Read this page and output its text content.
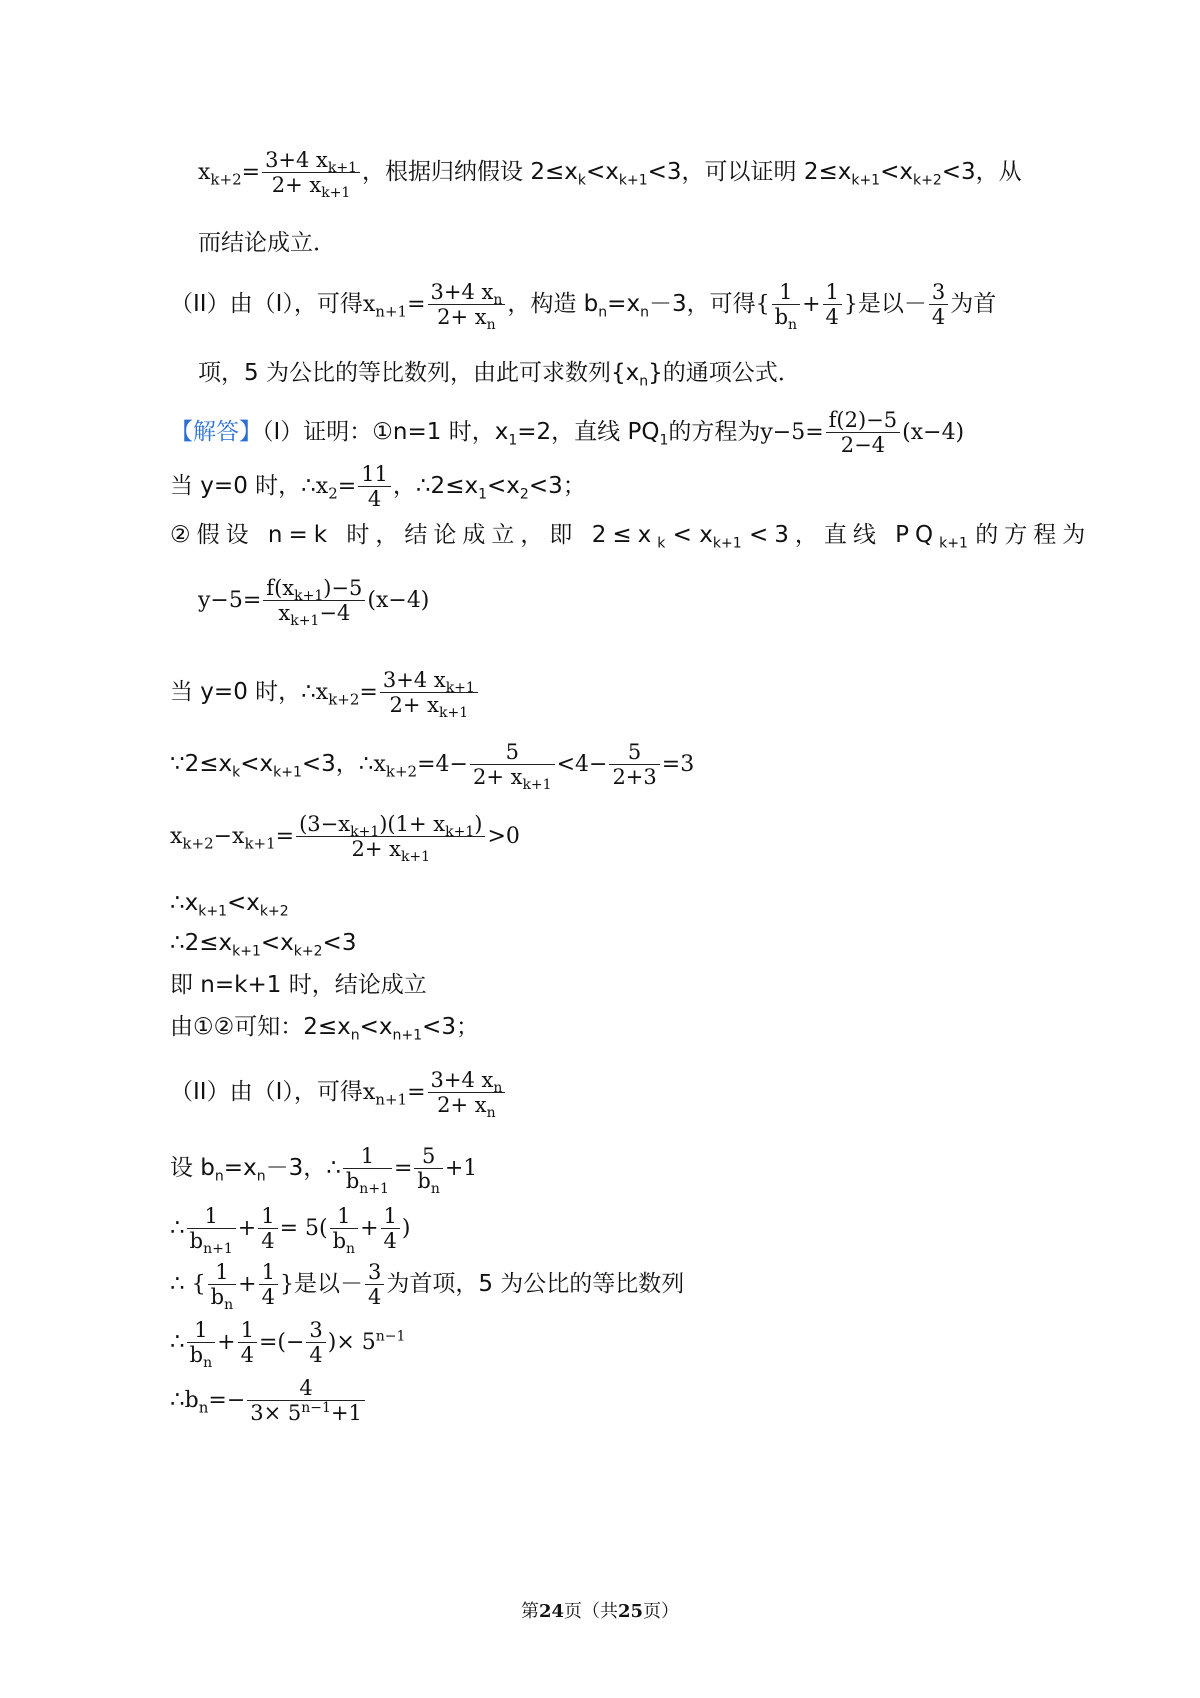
$x_{k+2}= \frac{3+4 x_{k+1}}{2+ x_{k+1}}$ ，根据归纳假设 $2\le x_k<x_{k+1}<3$，可以证明 $2\le x_{k+1}<x_{k+2}<3$，从
而结论成立．
（II）由（I），可得$x_{n+1}= \frac{3+4 x_n}{2+ x_n}$ ，构造 $b_n=x_n-3$，可得{ $\frac{1}{b_n} + \frac{1}{4}$ }是以－ $\frac{3}{4}$ 为首
项，5 为公比的等比数列，由此可求数列$\{x_n\}$的通项公式．
【解答】（I）证明：①n=1 时，$x_1=2$，直线 $PQ_1$的方程为$y-5= \frac{f(2)-5}{2-4} (x-4)$
当 y=0 时，$\therefore x_2= \frac{11}{4}$ ，$\therefore 2\le x_1<x_2<3$；
②假设 n=k 时，结论成立，即 $2\le x_k < x_{k+1} <3$，直线 $PQ_{k+1}$ 的方程为
$y-5= \frac{f(x_{k+1})-5}{x_{k+1}-4} (x-4)$
当 y=0 时，$\therefore x_{k+2}= \frac{3+4 x_{k+1}}{2+ x_{k+1}}$
$\because 2\le x_k<x_{k+1}<3$，$\therefore x_{k+2}=4- \frac{5}{2+ x_{k+1}} <4- \frac{5}{2+3} =3$
$x_{k+2}-x_{k+1}= \frac{(3-x_{k+1})(1+ x_{k+1})}{2+ x_{k+1}} >0$
$\therefore x_{k+1}<x_{k+2}$
$\therefore 2\le x_{k+1}<x_{k+2}<3$
即 n=k+1 时，结论成立
由①②可知：$2\le x_n<x_{n+1}<3$；
（II）由（I），可得$x_{n+1}= \frac{3+4 x_n}{2+ x_n}$
设 $b_n=x_n-3$，∴ $\frac{1}{b_{n+1}} = \frac{5}{b_n} +1$
∴ $\frac{1}{b_{n+1}} + \frac{1}{4} = 5( \frac{1}{b_n} + \frac{1}{4}$ )
∴ { $\frac{1}{b_n} + \frac{1}{4}$ }是以－ $\frac{3}{4}$ 为首项，5 为公比的等比数列
∴ $\frac{1}{b_n} + \frac{1}{4}$ =(− $\frac{3}{4}$ )× $5^{n-1}$
$\therefore b_n=- \frac{4}{3\times 5^{n-1}+1}$
第24页（共25页）
